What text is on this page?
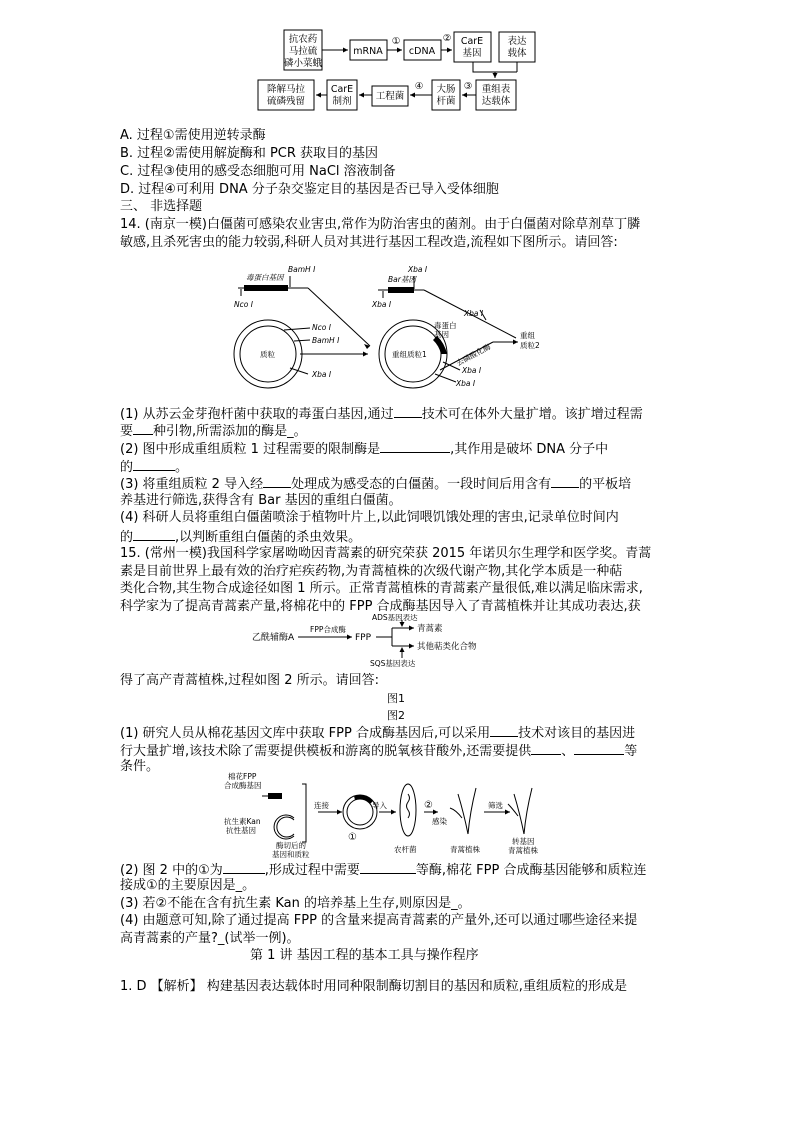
抗农药
马拉硫
磷小菜蛾
mRNA
①
cDNA
② CarE
基因
表达
载体
重组表
达载体
③
大肠
杆菌
工程菌
④
CarE
制剂
降解马拉
硫磷残留
A. 过程①需使用逆转录酶
B. 过程②需使用解旋酶和 PCR 获取目的基因
C. 过程③使用的感受态细胞可用 NaCl 溶液制备
D. 过程④可利用 DNA 分子杂交鉴定目的基因是否已导入受体细胞
三、 非选择题
14. (南京一模)白僵菌可感染农业害虫,常作为防治害虫的菌剂。由于白僵菌对除草剂草丁膦
敏感,且杀死害虫的能力较弱,科研人员对其进行基因工程改造,流程如下图所示。请回答:
毒蛋白基因
BamH Ⅰ
Nco Ⅰ
Nco Ⅰ
BamH Ⅰ
Xba Ⅰ
Bar基因
Xba Ⅰ
Xba Ⅰ
Xba Ⅰ
Xba Ⅰ
Xba Ⅰ
质粒	重组质粒1
毒蛋白
基因	重组
质粒2
去磷酸化酶
(1) 从苏云金芽孢杆菌中获取的毒蛋白基因,通过 技术可在体外大量扩增。该扩增过程需
要 种引物,所需添加的酶是_。
(2) 图中形成重组质粒 1 过程需要的限制酶是	,其作用是破坏 DNA 分子中
的	。
(3) 将重组质粒 2 导入经 处理成为感受态的白僵菌。一段时间后用含有 的平板培
养基进行筛选,获得含有 Bar 基因的重组白僵菌。
(4) 科研人员将重组白僵菌喷涂于植物叶片上,以此饲喂饥饿处理的害虫,记录单位时间内
的	,以判断重组白僵菌的杀虫效果。
15. (常州一模)我国科学家屠呦呦因青蒿素的研究荣获 2015 年诺贝尔生理学和医学奖。青蒿
素是目前世界上最有效的治疗疟疾药物,为青蒿植株的次级代谢产物,其化学本质是一种萜
类化合物,其生物合成途径如图 1 所示。正常青蒿植株的青蒿素产量很低,难以满足临床需求,
科学家为了提高青蒿素产量,将棉花中的 FPP 合成酶基因导入了青蒿植株并让其成功表达,获
ADS基因表达
FPP合成酶
乙酰辅酶A	FPP
青蒿素
其他萜类化合物
SQS基因表达
得了高产青蒿植株,过程如图 2 所示。请回答:
图1
图2
(1) 研究人员从棉花基因文库中获取 FPP 合成酶基因后,可以采用 技术对该目的基因进
行大量扩增,该技术除了需要提供模板和游离的脱氧核苷酸外,还需要提供 、	等
条件。
棉花FPP
合成酶基因
抗生素Kan
抗性基因
酶切后的
基因和质粒
连接
①
导入
农杆菌
②
感染
青蒿植株
筛选
转基因
青蒿植株
(2) 图 2 中的①为	,形成过程中需要	等酶,棉花 FPP 合成酶基因能够和质粒连
接成①的主要原因是_。
(3) 若②不能在含有抗生素 Kan 的培养基上生存,则原因是_。
(4) 由题意可知,除了通过提高 FPP 的含量来提高青蒿素的产量外,还可以通过哪些途径来提
高青蒿素的产量?_(试举一例)。
第 1 讲 基因工程的基本工具与操作程序
1. D 【解析】 构建基因表达载体时用同种限制酶切割目的基因和质粒,重组质粒的形成是
